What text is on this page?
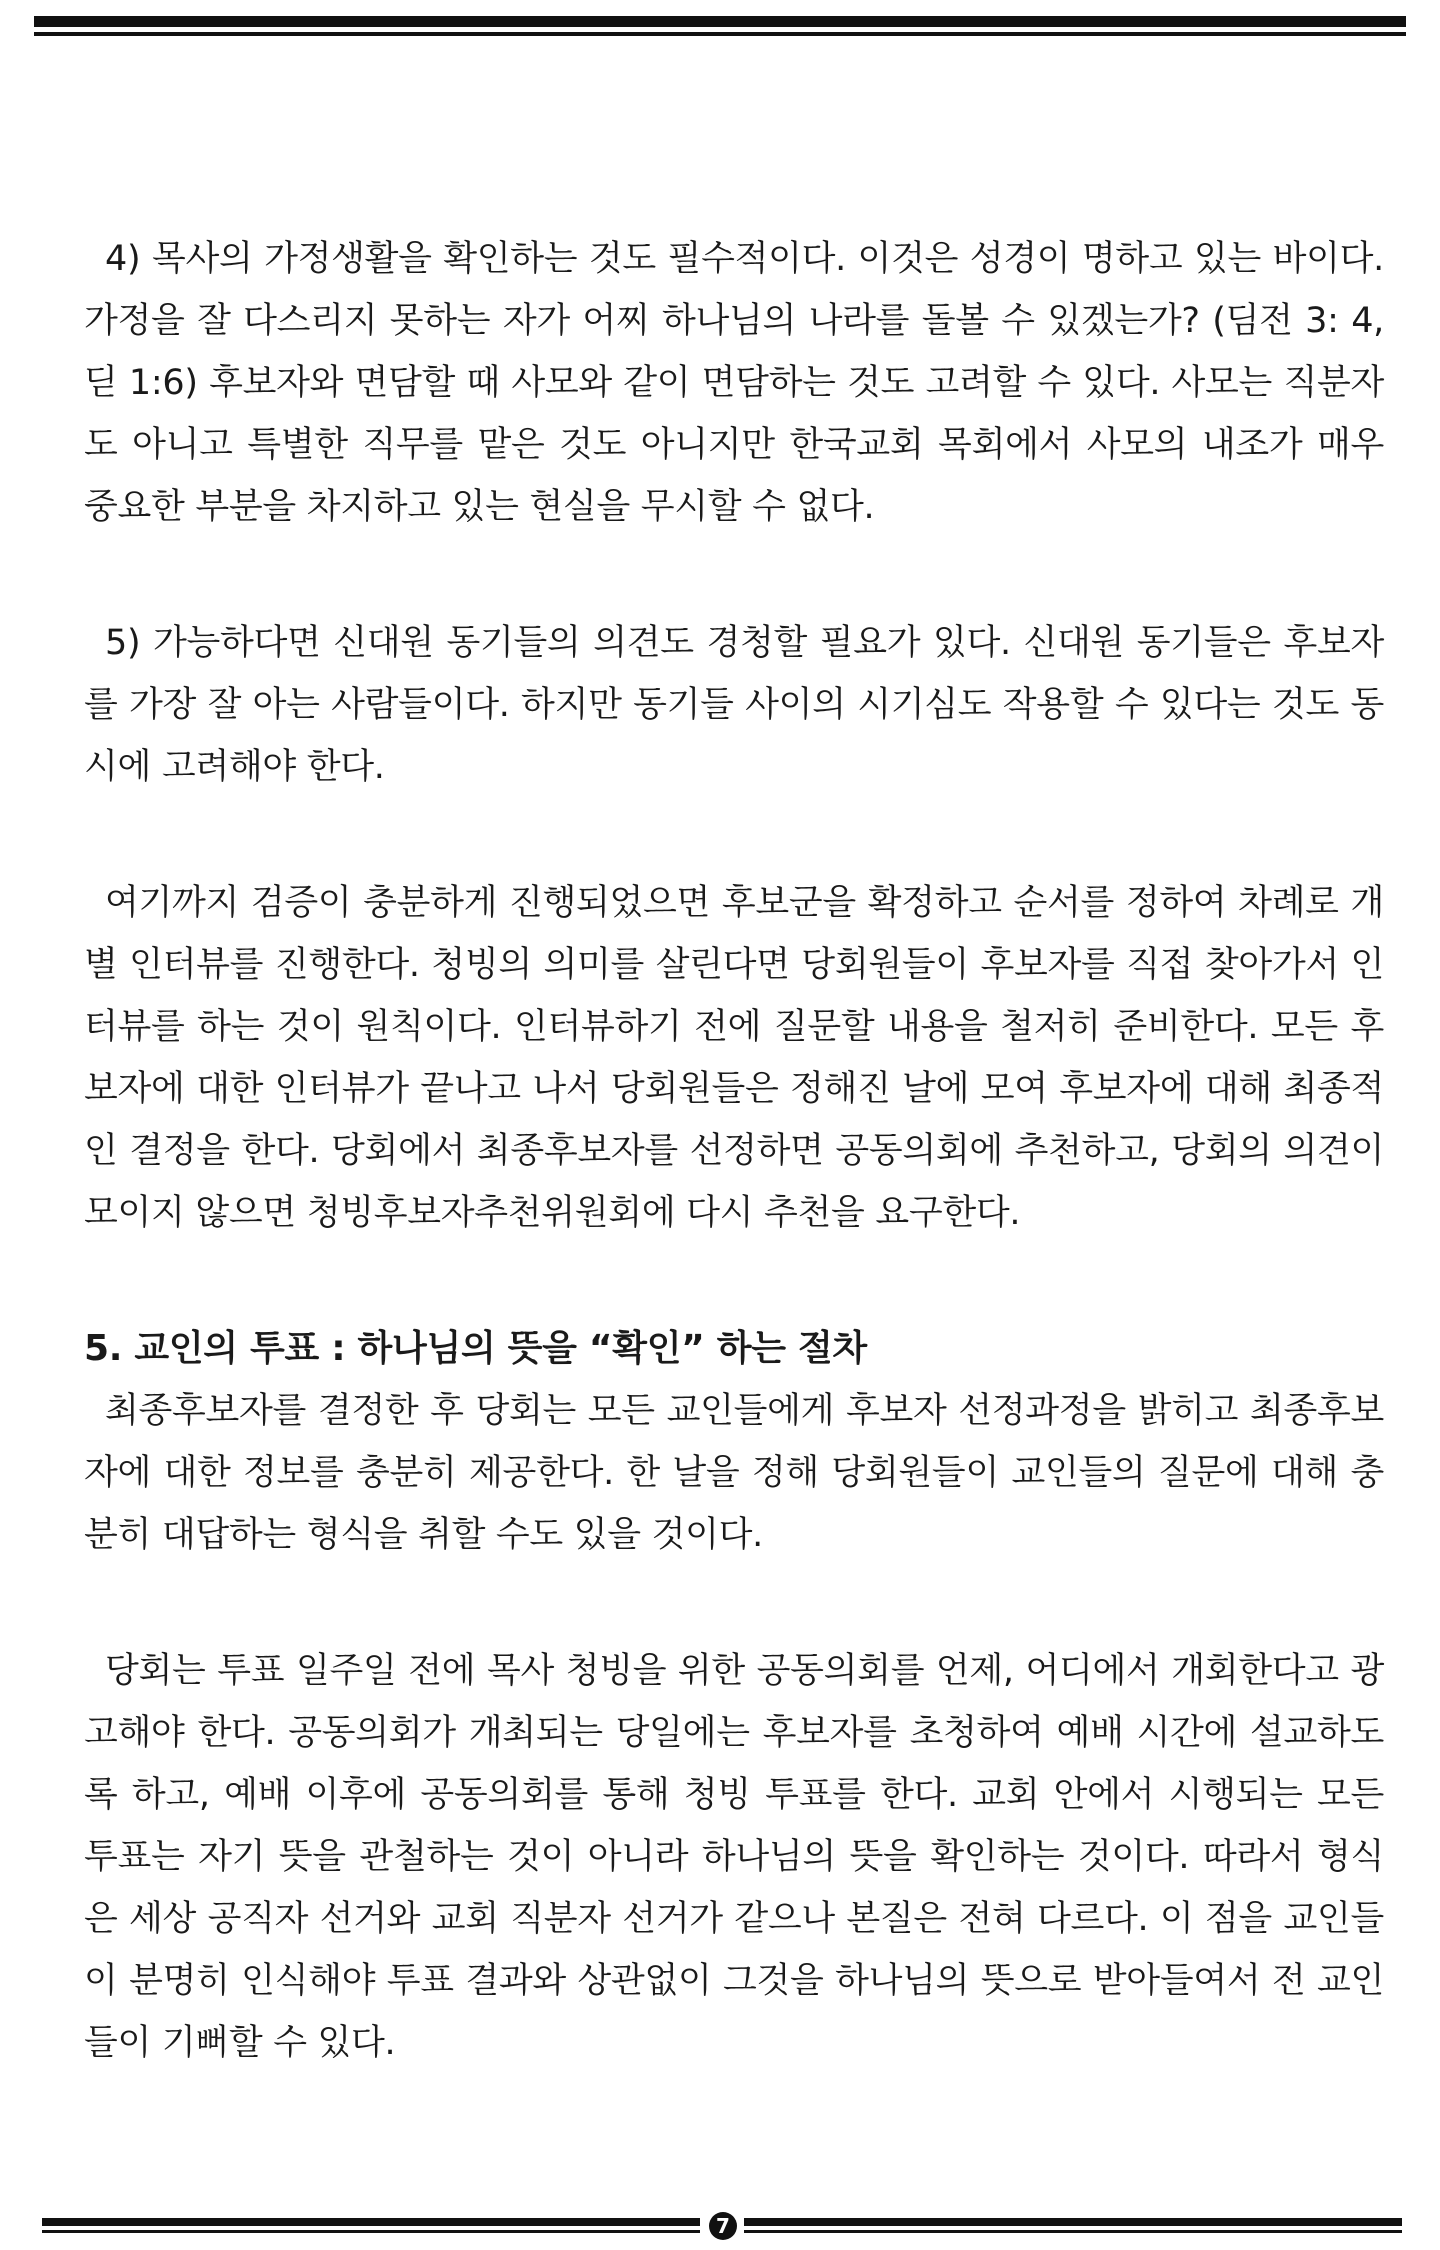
4) 목사의 가정생활을 확인하는 것도 필수적이다. 이것은 성경이 명하고 있는 바이다. 가정을 잘 다스리지 못하는 자가 어찌 하나님의 나라를 돌볼 수 있겠는가? (딤전 3: 4, 딛 1:6) 후보자와 면담할 때 사모와 같이 면담하는 것도 고려할 수 있다. 사모는 직분자도 아니고 특별한 직무를 맡은 것도 아니지만 한국교회 목회에서 사모의 내조가 매우 중요한 부분을 차지하고 있는 현실을 무시할 수 없다.

5) 가능하다면 신대원 동기들의 의견도 경청할 필요가 있다. 신대원 동기들은 후보자를 가장 잘 아는 사람들이다. 하지만 동기들 사이의 시기심도 작용할 수 있다는 것도 동시에 고려해야 한다.

여기까지 검증이 충분하게 진행되었으면 후보군을 확정하고 순서를 정하여 차례로 개별 인터뷰를 진행한다. 청빙의 의미를 살린다면 당회원들이 후보자를 직접 찾아가서 인터뷰를 하는 것이 원칙이다. 인터뷰하기 전에 질문할 내용을 철저히 준비한다. 모든 후보자에 대한 인터뷰가 끝나고 나서 당회원들은 정해진 날에 모여 후보자에 대해 최종적인 결정을 한다. 당회에서 최종후보자를 선정하면 공동의회에 추천하고, 당회의 의견이 모이지 않으면 청빙후보자추천위원회에 다시 추천을 요구한다.

5. 교인의 투표 : 하나님의 뜻을 “확인” 하는 절차

최종후보자를 결정한 후 당회는 모든 교인들에게 후보자 선정과정을 밝히고 최종후보자에 대한 정보를 충분히 제공한다. 한 날을 정해 당회원들이 교인들의 질문에 대해 충분히 대답하는 형식을 취할 수도 있을 것이다.

당회는 투표 일주일 전에 목사 청빙을 위한 공동의회를 언제, 어디에서 개회한다고 광고해야 한다. 공동의회가 개최되는 당일에는 후보자를 초청하여 예배 시간에 설교하도록 하고, 예배 이후에 공동의회를 통해 청빙 투표를 한다. 교회 안에서 시행되는 모든 투표는 자기 뜻을 관철하는 것이 아니라 하나님의 뜻을 확인하는 것이다. 따라서 형식은 세상 공직자 선거와 교회 직분자 선거가 같으나 본질은 전혀 다르다. 이 점을 교인들이 분명히 인식해야 투표 결과와 상관없이 그것을 하나님의 뜻으로 받아들여서 전 교인들이 기뻐할 수 있다.

7
